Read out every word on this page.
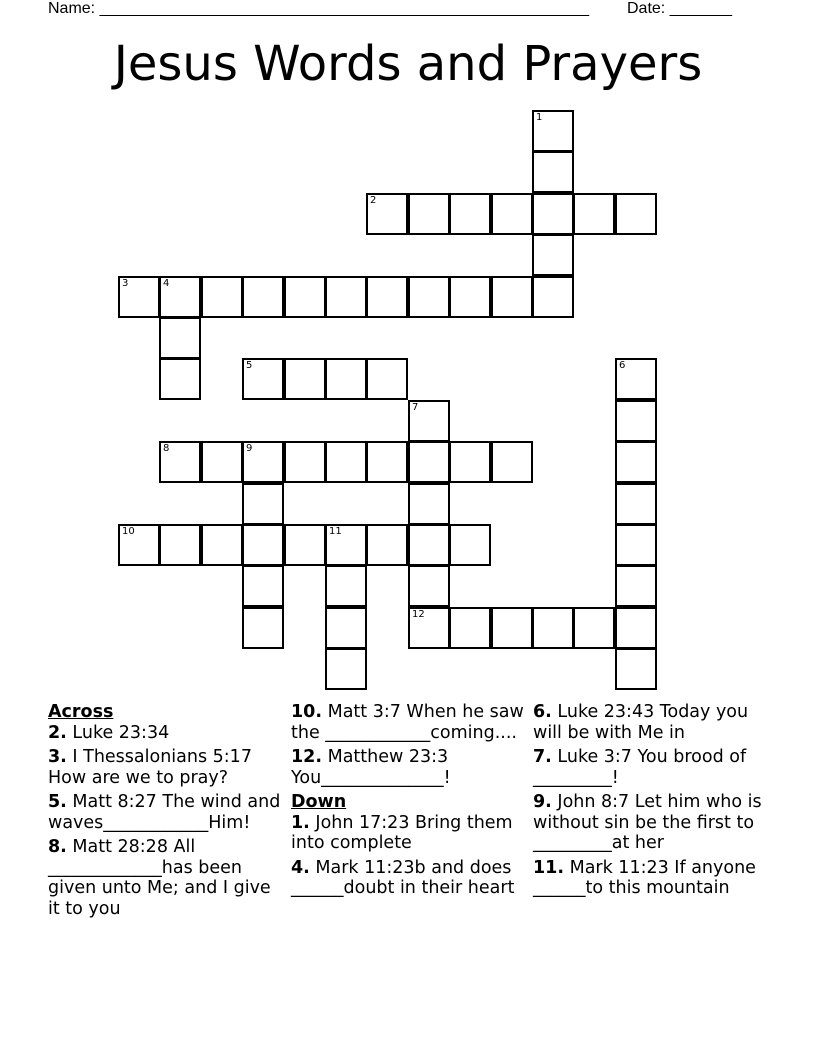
Name: _______________________________________________________ Date: _______
Jesus Words and Prayers
1
2
3	4
5	6
7
8	9
10	11
12
Across
2. Luke 23:34
3. I Thessalonians 5:17 How are we to pray?
5. Matt 8:27 The wind and waves____________Him!
8. Matt 28:28 All _____________has been given unto Me; and I give it to you
10. Matt 3:7 When he saw the ____________coming....
12. Matthew 23:3 You______________!
Down
1. John 17:23 Bring them into complete
4. Mark 11:23b and does ______doubt in their heart
6. Luke 23:43 Today you will be with Me in
7. Luke 3:7 You brood of _________!
9. John 8:7 Let him who is without sin be the first to _________at her
11. Mark 11:23 If anyone ______to this mountain
